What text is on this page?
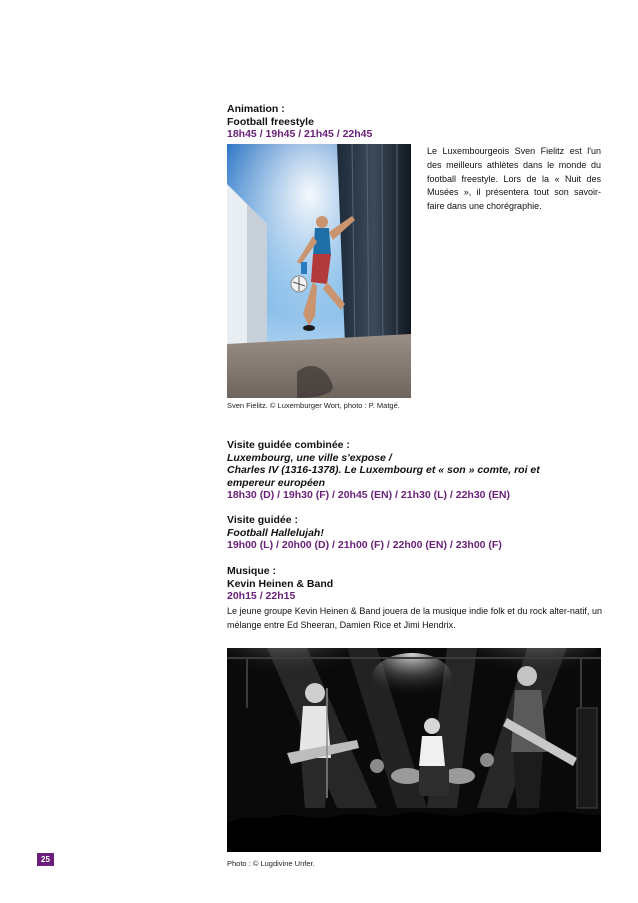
Animation :
Football freestyle
18h45 / 19h45 / 21h45 / 22h45
Le Luxembourgeois Sven Fielitz est l'un des meilleurs athlètes dans le monde du football freestyle. Lors de la « Nuit des Musées », il présentera tout son savoir-faire dans une chorégraphie.
Sven Fielitz. © Luxemburger Wort, photo : P. Matgé.
Visite guidée combinée :
Luxembourg, une ville s'expose /
Charles IV (1316-1378). Le Luxembourg et « son » comte, roi et
empereur européen
18h30 (D) / 19h30 (F) / 20h45 (EN) / 21h30 (L) / 22h30 (EN)
Visite guidée :
Football Hallelujah!
19h00 (L) / 20h00 (D) / 21h00 (F) / 22h00 (EN) / 23h00 (F)
Musique :
Kevin Heinen & Band
20h15 / 22h15
Le jeune groupe Kevin Heinen & Band jouera de la musique indie folk et du rock alter-natif, un mélange entre Ed Sheeran, Damien Rice et Jimi Hendrix.
25	Photo : © Lugdivine Unfer.
